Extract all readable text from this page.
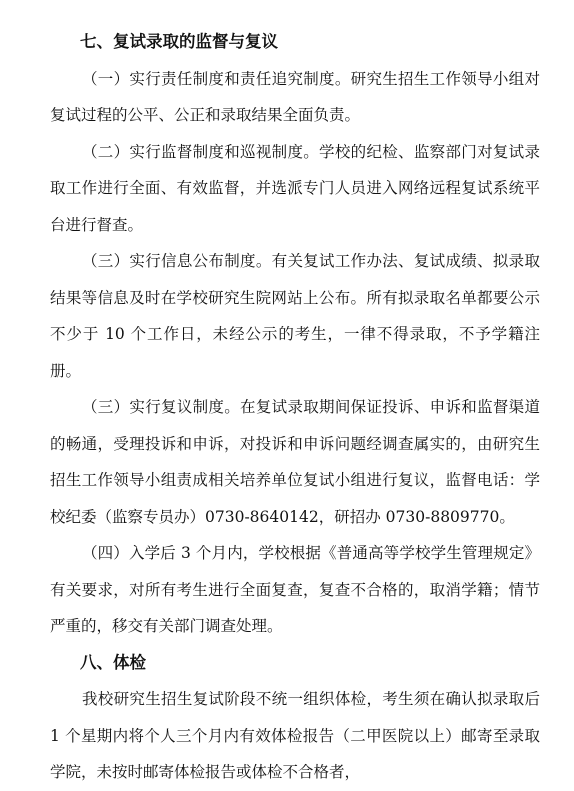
七、复试录取的监督与复议

（一）实行责任制度和责任追究制度。研究生招生工作领导小组对复试过程的公平、公正和录取结果全面负责。

（二）实行监督制度和巡视制度。学校的纪检、监察部门对复试录取工作进行全面、有效监督，并选派专门人员进入网络远程复试系统平台进行督查。

（三）实行信息公布制度。有关复试工作办法、复试成绩、拟录取结果等信息及时在学校研究生院网站上公布。所有拟录取名单都要公示不少于 10 个工作日，未经公示的考生，一律不得录取，不予学籍注册。

（三）实行复议制度。在复试录取期间保证投诉、申诉和监督渠道的畅通，受理投诉和申诉，对投诉和申诉问题经调查属实的，由研究生招生工作领导小组责成相关培养单位复试小组进行复议，监督电话：学校纪委（监察专员办）0730-8640142，研招办 0730-8809770。

（四）入学后 3 个月内，学校根据《普通高等学校学生管理规定》有关要求，对所有考生进行全面复查，复查不合格的，取消学籍；情节严重的，移交有关部门调查处理。

八、体检

我校研究生招生复试阶段不统一组织体检，考生须在确认拟录取后 1 个星期内将个人三个月内有效体检报告（二甲医院以上）邮寄至录取学院，未按时邮寄体检报告或体检不合格者，
